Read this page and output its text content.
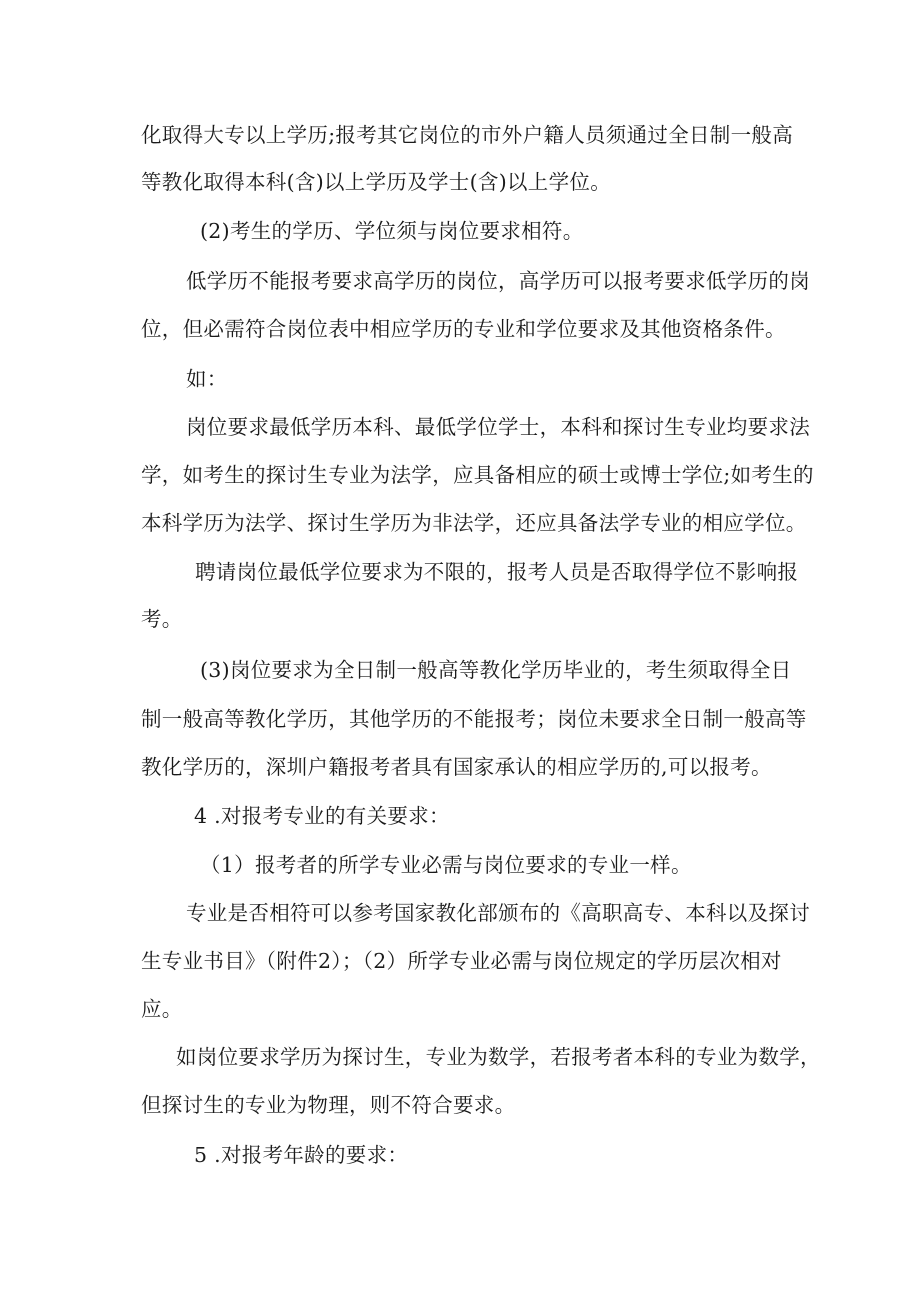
化取得大专以上学历;报考其它岗位的市外户籍人员须通过全日制一般高
等教化取得本科(含)以上学历及学士(含)以上学位。
(2)考生的学历、学位须与岗位要求相符。
低学历不能报考要求高学历的岗位，高学历可以报考要求低学历的岗
位，但必需符合岗位表中相应学历的专业和学位要求及其他资格条件。
如：
岗位要求最低学历本科、最低学位学士，本科和探讨生专业均要求法
学，如考生的探讨生专业为法学，应具备相应的硕士或博士学位;如考生的
本科学历为法学、探讨生学历为非法学，还应具备法学专业的相应学位。
聘请岗位最低学位要求为不限的，报考人员是否取得学位不影响报
考。
(3)岗位要求为全日制一般高等教化学历毕业的，考生须取得全日
制一般高等教化学历，其他学历的不能报考；岗位未要求全日制一般高等
教化学历的，深圳户籍报考者具有国家承认的相应学历的,可以报考。
4 .对报考专业的有关要求：
（1）报考者的所学专业必需与岗位要求的专业一样。
专业是否相符可以参考国家教化部颁布的《高职高专、本科以及探讨
生专业书目》（附件2）；（2）所学专业必需与岗位规定的学历层次相对
应。
如岗位要求学历为探讨生，专业为数学，若报考者本科的专业为数学，
但探讨生的专业为物理，则不符合要求。
5 .对报考年龄的要求：
